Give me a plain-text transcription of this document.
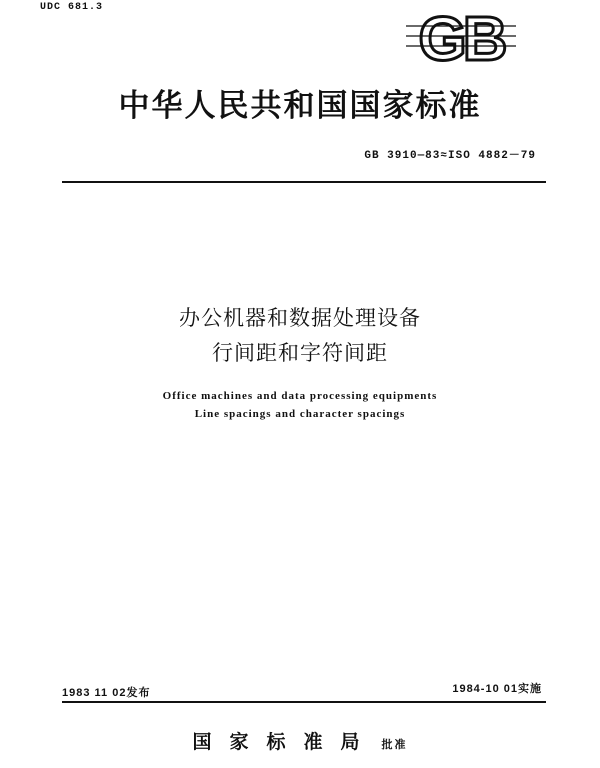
UDC 681.3	GB
中华人民共和国国家标准
GB 3910—83≈ISO 4882－79
办公机器和数据处理设备
行间距和字符间距
Office machines and data processing equipments
Line spacings and character spacings
1983 11 02发布	1984-10 01实施
国家标准局 批准
